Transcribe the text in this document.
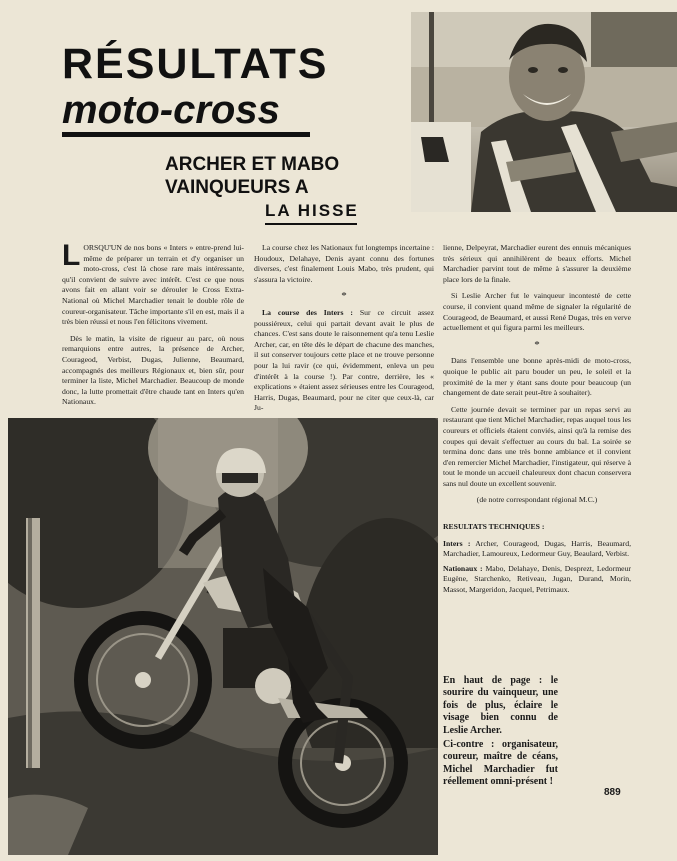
RÉSULTATS
moto-cross
ARCHER ET MABO
VAINQUEURS A
LA HISSE

LORSQU'UN de nos bons « Inters » entre-prend lui-même de préparer un terrain et d'y organiser un moto-cross, c'est là chose rare mais intéressante, qu'il convient de suivre avec intérêt. C'est ce que nous avons fait en allant voir se dérouler le Cross Extra-National où Michel Marchadier tenait le double rôle de coureur-organisateur. Tâche importante s'il en est, mais il a très bien réussi et nous l'en félicitons vivement.

Dès le matin, la visite de rigueur au parc, où nous remarquions entre autres, la présence de Archer, Courageod, Verbist, Dugas, Julienne, Beaumard, accompagnés des meilleurs Régionaux et, bien sûr, pour terminer la liste, Michel Marchadier. Beaucoup de monde donc, la lutte promettait d'être chaude tant en Inters qu'en Nationaux.

La course chez les Nationaux fut longtemps incertaine : Houdoux, Delahaye, Denis ayant connu des fortunes diverses, c'est finalement Louis Mabo, très prudent, qui s'assura la victoire.

*

La course des Inters : Sur ce circuit assez poussiéreux, celui qui partait devant avait le plus de chances. C'est sans doute le raisonnement qu'a tenu Leslie Archer, car, en tête dès le départ de chacune des manches, il sut conserver toujours cette place et ne trouve personne pour la lui ravir (ce qui, évidemment, enleva un peu d'intérêt à la course !). Par contre, derrière, les « explications » étaient assez sérieuses entre les Courageod, Harris, Dugas, Beaumard, pour ne citer que ceux-là, car Ju-

lienne, Delpeyrat, Marchadier eurent des ennuis mécaniques très sérieux qui annihilèrent de beaux efforts. Michel Marchadier parvint tout de même à s'assurer la deuxième place lors de la finale.

Si Leslie Archer fut le vainqueur incontesté de cette course, il convient quand même de signaler la régularité de Courageod, de Beaumard, et aussi René Dugas, très en verve actuellement et qui figura parmi les meilleurs.

*

Dans l'ensemble une bonne après-midi de moto-cross, quoique le public ait paru bouder un peu, le soleil et la proximité de la mer y étant sans doute pour beaucoup (un changement de date serait peut-être à souhaiter).

Cette journée devait se terminer par un repas servi au restaurant que tient Michel Marchadier, repas auquel tous les coureurs et officiels étaient conviés, ainsi qu'à la remise des coupes qui devait s'effectuer au cours du bal. La soirée se termina donc dans une très bonne ambiance et il convient d'en remercier Michel Marchadier, l'instigateur, qui réserve à tout le monde un accueil chaleureux dont chacun conservera sans nul doute un excellent souvenir.

(de notre correspondant régional M.C.)

RESULTATS TECHNIQUES :

Inters : Archer, Courageod, Dugas, Harris, Beaumard, Marchadier, Lamoureux, Ledormeur Guy, Beaulard, Verbist.

Nationaux : Mabo, Delahaye, Denis, Desprezt, Ledormeur Eugène, Starchenko, Retiveau, Jugan, Durand, Morin, Massot, Margeridon, Jacquel, Petrimaux.

En haut de page : le sourire du vainqueur, une fois de plus, éclaire le visage bien connu de Leslie Archer.

Ci-contre : organisateur, coureur, maître de céans, Michel Marchadier fut réellement omni-présent !

889
